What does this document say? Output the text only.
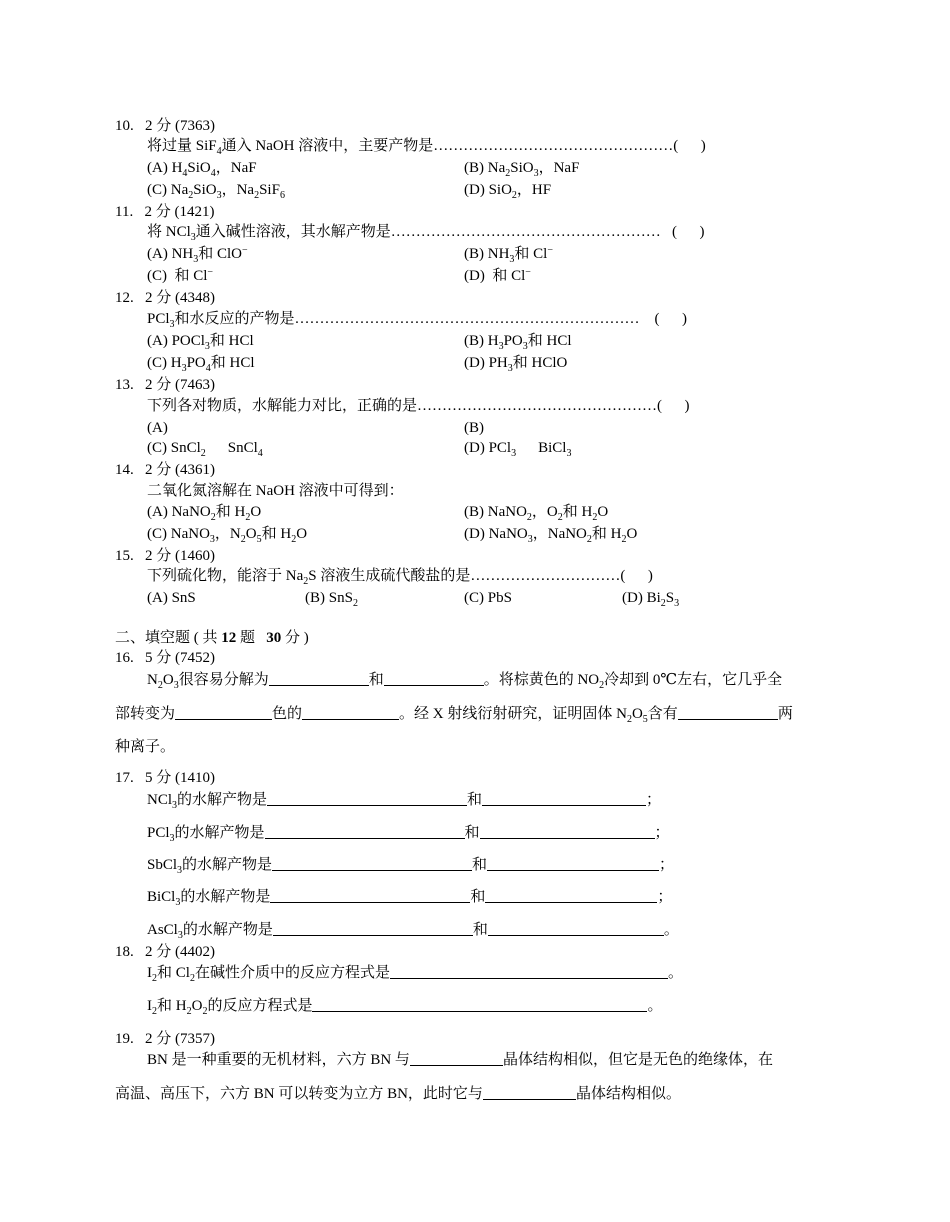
10.   2 分 (7363)
将过量 SiF$_4$通入 NaOH 溶液中，主要产物是…………………………………………(      )
(A) $H_4SiO_4$，NaF	(B) $Na_2SiO_3$，NaF
(C) $Na_2SiO_3$，$Na_2SiF_6$	(D) SiO$_2$，HF
11.   2 分 (1421)
将 NCl$_3$通入碱性溶液，其水解产物是……………………………………………… (      )
(A) $NH_3$和 ClO−	(B) $NH_3$和 Cl−
(C)  和 Cl−	(D)  和 Cl−
12.   2 分 (4348)
PCl$_3$和水反应的产物是…………………………………………………………… (      )
(A) POCl$_3$和 HCl	(B) $H_3PO_3$和 HCl
(C) $H_3PO_4$和 HCl	(D) $PH_3$和 HClO
13.   2 分 (7463)
下列各对物质，水解能力对比，正确的是…………………………………………(      )
(A)	(B)
(C) SnCl$_2$ SnCl$_4$	(D) PCl$_3$ BiCl$_3$
14.   2 分 (4361)
二氧化氮溶解在 NaOH 溶液中可得到：
(A) NaNO$_2$和 $H_2O$	(B) NaNO$_2$，$O_2$和 $H_2O$
(C) NaNO$_3$，$N_2O_5$和 $H_2O$	(D) NaNO$_3$，NaNO$_2$和 $H_2O$
15.   2 分 (1460)
下列硫化物，能溶于 $Na_2S$ 溶液生成硫代酸盐的是…………………………(      )
(A) SnS	(B) SnS$_2$	(C) PbS	(D) $Bi_2S_3$
二、填空题 ( 共 12 题   30 分 )
16.   5 分 (7452)
$N_2O_3$很容易分解为	和	。将棕黄色的 $NO_2$冷却到 0℃左右，它几乎全
部转变为	色的	。经 X 射线衍射研究，证明固体 $N_2O_5$含有	两
种离子。
17.   5 分 (1410)
NCl$_3$的水解产物是	和	；
PCl$_3$的水解产物是	和	；
SbCl$_3$的水解产物是	和	；
BiCl$_3$的水解产物是	和	；
AsCl$_3$的水解产物是	和	。
18.   2 分 (4402)
$I_2$和 $Cl_2$在碱性介质中的反应方程式是	。
$I_2$和 $H_2O_2$的反应方程式是	。
19.   2 分 (7357)
BN 是一种重要的无机材料，六方 BN 与	晶体结构相似，但它是无色的绝缘体，在
高温、高压下，六方 BN 可以转变为立方 BN，此时它与	晶体结构相似。
